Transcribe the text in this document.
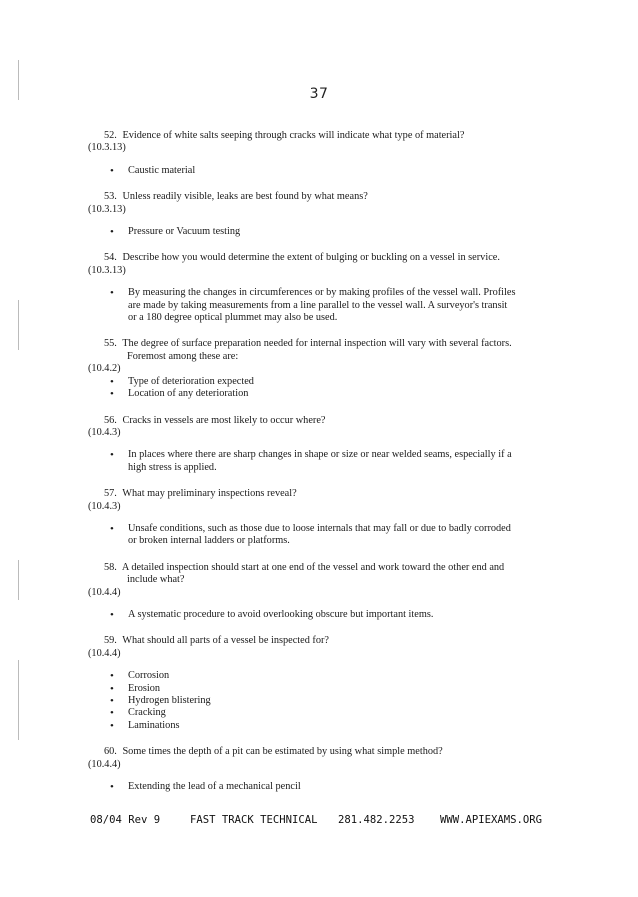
37
52. Evidence of white salts seeping through cracks will indicate what type of material?
(10.3.13)
• Caustic material
53. Unless readily visible, leaks are best found by what means?
(10.3.13)
• Pressure or Vacuum testing
54. Describe how you would determine the extent of bulging or buckling on a vessel in service.
(10.3.13)
• By measuring the changes in circumferences or by making profiles of the vessel wall. Profiles are made by taking measurements from a line parallel to the vessel wall. A surveyor's transit or a 180 degree optical plummet may also be used.
55. The degree of surface preparation needed for internal inspection will vary with several factors.
Foremost among these are:
(10.4.2)
• Type of deterioration expected
• Location of any deterioration
56. Cracks in vessels are most likely to occur where?
(10.4.3)
• In places where there are sharp changes in shape or size or near welded seams, especially if a high stress is applied.
57. What may preliminary inspections reveal?
(10.4.3)
• Unsafe conditions, such as those due to loose internals that may fall or due to badly corroded or broken internal ladders or platforms.
58. A detailed inspection should start at one end of the vessel and work toward the other end and
include what?
(10.4.4)
• A systematic procedure to avoid overlooking obscure but important items.
59. What should all parts of a vessel be inspected for?
(10.4.4)
• Corrosion
• Erosion
• Hydrogen blistering
• Cracking
• Laminations
60. Some times the depth of a pit can be estimated by using what simple method?
(10.4.4)
• Extending the lead of a mechanical pencil
08/04 Rev 9	FAST TRACK TECHNICAL 281.482.2253 WWW.APIEXAMS.ORG
